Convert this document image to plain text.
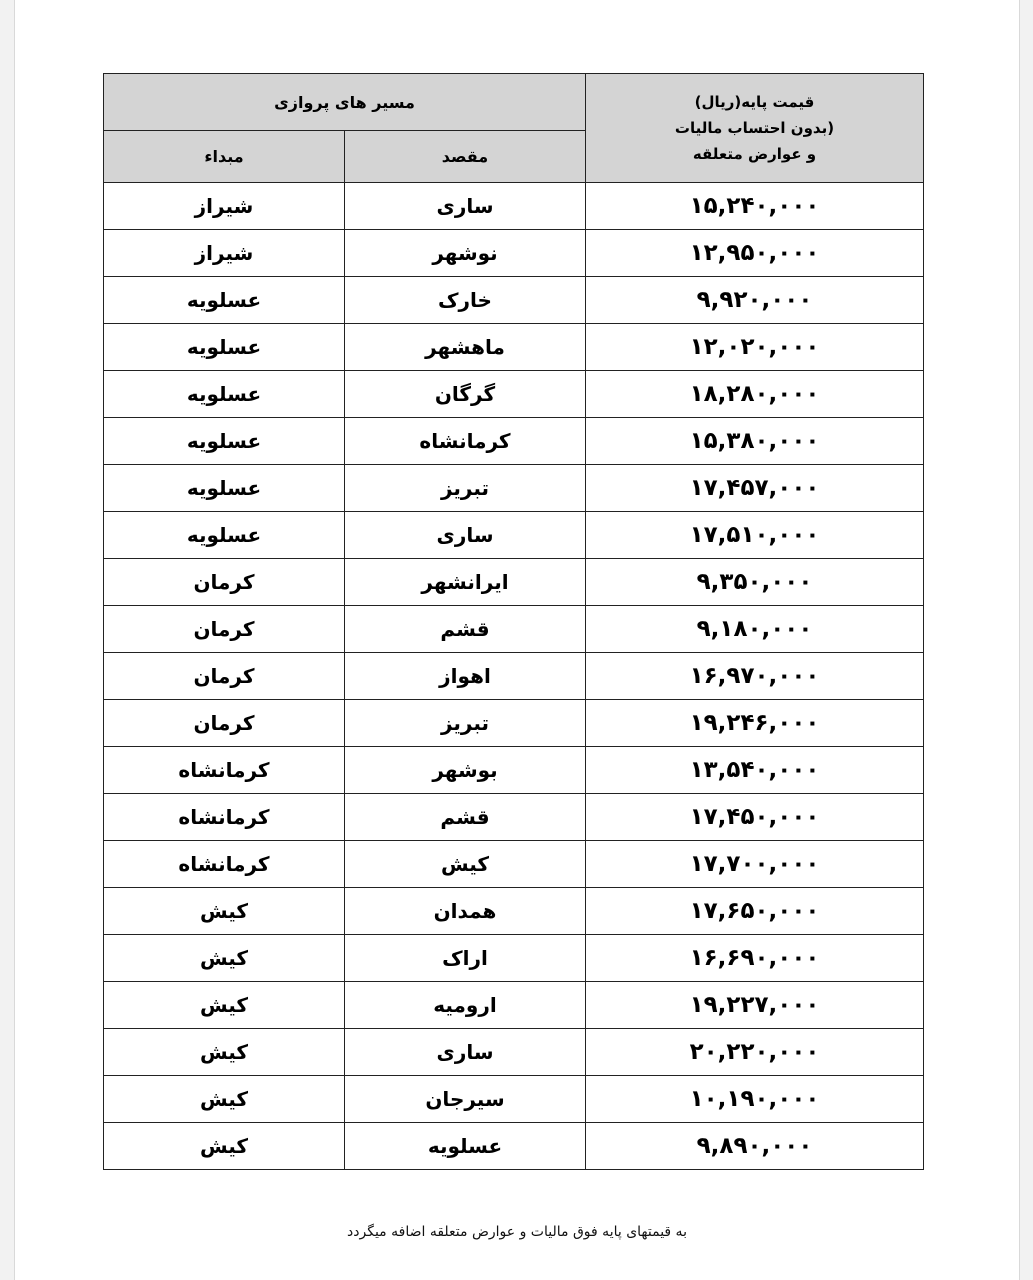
مسیر های پروازی		قیمت پایه(ریال)
(بدون احتساب مالیات
و عوارض متعلقه

مبداء	مقصد	
شیراز	ساری	۱۵,۲۴۰,۰۰۰
شیراز	نوشهر	۱۲,۹۵۰,۰۰۰
عسلویه	خارک	۹,۹۲۰,۰۰۰
عسلویه	ماهشهر	۱۲,۰۲۰,۰۰۰
عسلویه	گرگان	۱۸,۲۸۰,۰۰۰
عسلویه	کرمانشاه	۱۵,۳۸۰,۰۰۰
عسلویه	تبریز	۱۷,۴۵۷,۰۰۰
عسلویه	ساری	۱۷,۵۱۰,۰۰۰
کرمان	ایرانشهر	۹,۳۵۰,۰۰۰
کرمان	قشم	۹,۱۸۰,۰۰۰
کرمان	اهواز	۱۶,۹۷۰,۰۰۰
کرمان	تبریز	۱۹,۲۴۶,۰۰۰
کرمانشاه	بوشهر	۱۳,۵۴۰,۰۰۰
کرمانشاه	قشم	۱۷,۴۵۰,۰۰۰
کرمانشاه	کیش	۱۷,۷۰۰,۰۰۰
کیش	همدان	۱۷,۶۵۰,۰۰۰
کیش	اراک	۱۶,۶۹۰,۰۰۰
کیش	ارومیه	۱۹,۲۲۷,۰۰۰
کیش	ساری	۲۰,۲۲۰,۰۰۰
کیش	سیرجان	۱۰,۱۹۰,۰۰۰
کیش	عسلویه	۹,۸۹۰,۰۰۰
به قیمتهای پایه فوق مالیات و عوارض متعلقه اضافه میگردد
